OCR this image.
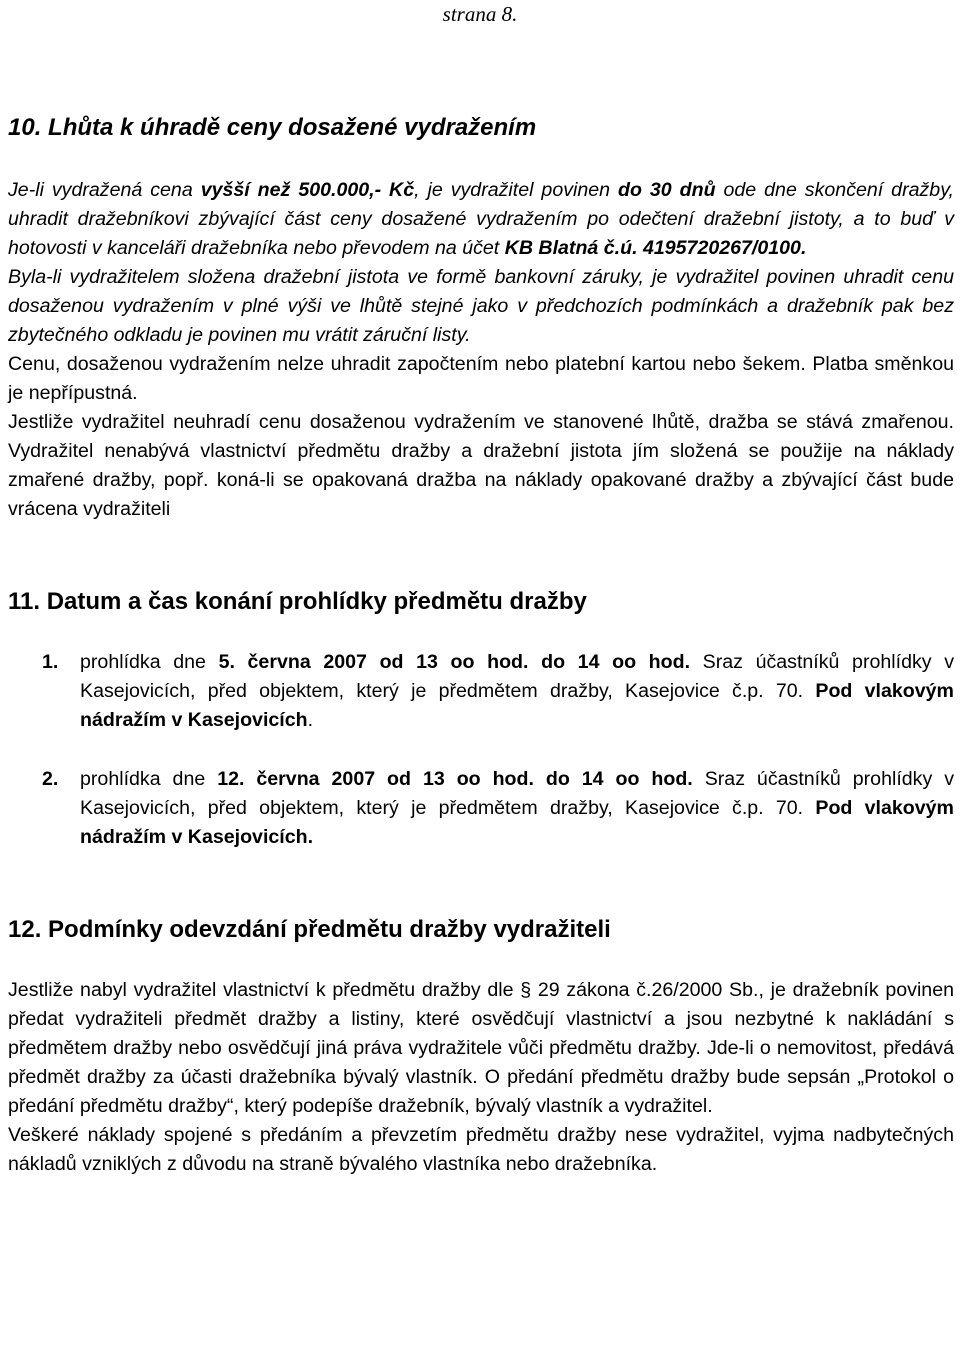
strana 8.
10. Lhůta k úhradě ceny dosažené vydražením

Je-li vydražená cena vyšší než 500.000,- Kč, je vydražitel povinen do 30 dnů ode dne skončení dražby, uhradit dražebníkovi zbývající část ceny dosažené vydražením po odečtení dražební jistoty, a to buď v hotovosti v kanceláři dražebníka nebo převodem na účet KB Blatná č.ú. 4195720267/0100.

Byla-li vydražitelem složena dražební jistota ve formě bankovní záruky, je vydražitel povinen uhradit cenu dosaženou vydražením v plné výši ve lhůtě stejné jako v předchozích podmínkách a dražebník pak bez zbytečného odkladu je povinen mu vrátit záruční listy.

Cenu, dosaženou vydražením nelze uhradit započtením nebo platební kartou nebo šekem. Platba směnkou je nepřípustná.

Jestliže vydražitel neuhradí cenu dosaženou vydražením ve stanovené lhůtě, dražba se stává zmařenou. Vydražitel nenabývá vlastnictví předmětu dražby a dražební jistota jím složená se použije na náklady zmařené dražby, popř. koná-li se opakovaná dražba na náklady opakované dražby a zbývající část bude vrácena vydražiteli

11. Datum a čas konání prohlídky předmětu dražby
1. prohlídka dne 5. června 2007 od 13 oo hod. do 14 oo hod. Sraz účastníků prohlídky v Kasejovicích, před objektem, který je předmětem dražby, Kasejovice č.p. 70. Pod vlakovým nádražím v Kasejovicích.
2. prohlídka dne 12. června 2007 od 13 oo hod. do 14 oo hod. Sraz účastníků prohlídky v Kasejovicích, před objektem, který je předmětem dražby, Kasejovice č.p. 70. Pod vlakovým nádražím v Kasejovicích.
12. Podmínky odevzdání předmětu dražby vydražiteli

Jestliže nabyl vydražitel vlastnictví k předmětu dražby dle § 29 zákona č.26/2000 Sb., je dražebník povinen předat vydražiteli předmět dražby a listiny, které osvědčují vlastnictví a jsou nezbytné k nakládání s předmětem dražby nebo osvědčují jiná práva vydražitele vůči předmětu dražby. Jde-li o nemovitost, předává předmět dražby za účasti dražebníka bývalý vlastník. O předání předmětu dražby bude sepsán „Protokol o předání předmětu dražby“, který podepíše dražebník, bývalý vlastník a vydražitel.

Veškeré náklady spojené s předáním a převzetím předmětu dražby nese vydražitel, vyjma nadbytečných nákladů vzniklých z důvodu na straně bývalého vlastníka nebo dražebníka.
